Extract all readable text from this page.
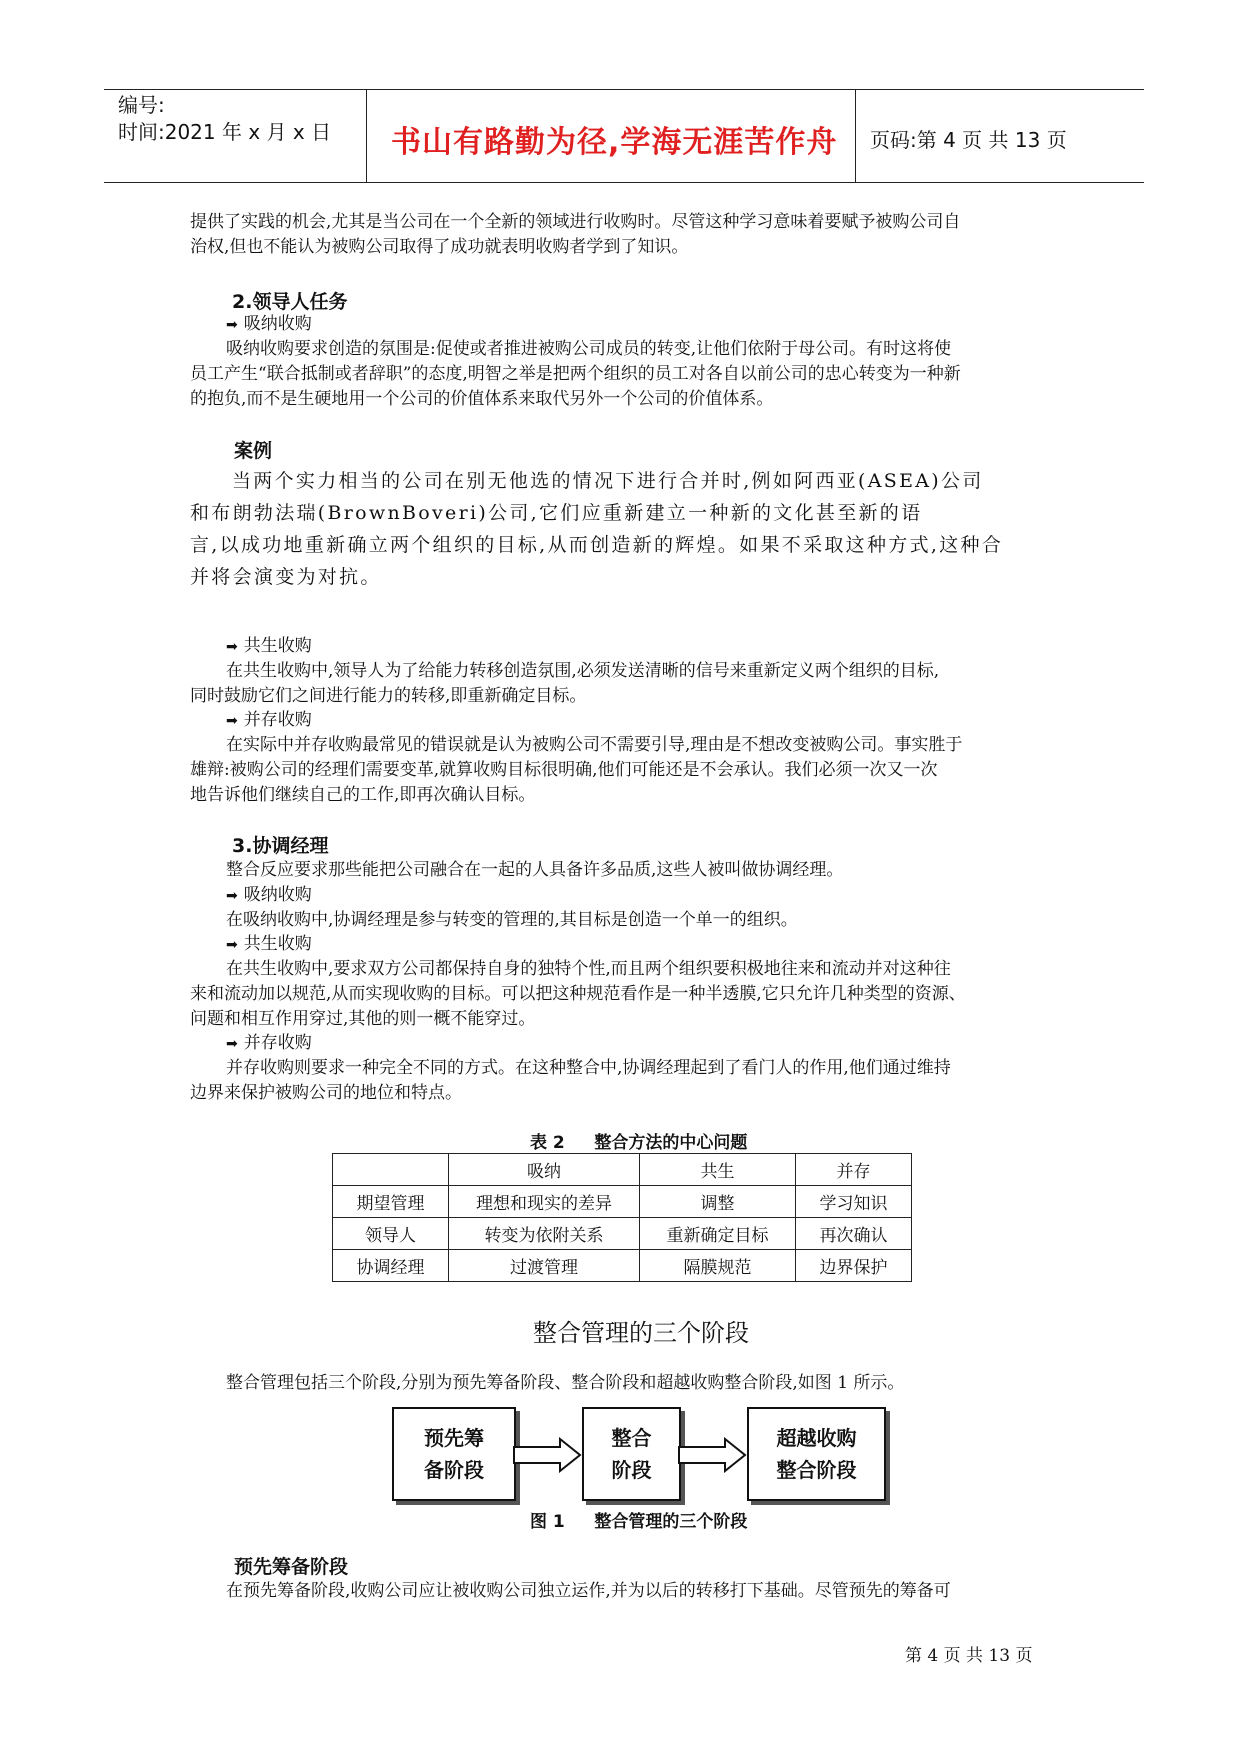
编号:
时间:2021 年 x 月 x 日 书山有路勤为径,学海无涯苦作舟 页码:第 4 页 共 13 页
提供了实践的机会,尤其是当公司在一个全新的领域进行收购时。尽管这种学习意味着要赋予被购公司自
治权,但也不能认为被购公司取得了成功就表明收购者学到了知识。
2.领导人任务
➡ 吸纳收购
吸纳收购要求创造的氛围是:促使或者推进被购公司成员的转变,让他们依附于母公司。有时这将使
员工产生“联合抵制或者辞职”的态度,明智之举是把两个组织的员工对各自以前公司的忠心转变为一种新
的抱负,而不是生硬地用一个公司的价值体系来取代另外一个公司的价值体系。
案例
当两个实力相当的公司在别无他选的情况下进行合并时,例如阿西亚(ASEA)公司
和布朗勃法瑞(BrownBoveri)公司,它们应重新建立一种新的文化甚至新的语
言,以成功地重新确立两个组织的目标,从而创造新的辉煌。如果不采取这种方式,这种合
并将会演变为对抗。
➡ 共生收购
在共生收购中,领导人为了给能力转移创造氛围,必须发送清晰的信号来重新定义两个组织的目标,
同时鼓励它们之间进行能力的转移,即重新确定目标。
➡ 并存收购
在实际中并存收购最常见的错误就是认为被购公司不需要引导,理由是不想改变被购公司。事实胜于
雄辩:被购公司的经理们需要变革,就算收购目标很明确,他们可能还是不会承认。我们必须一次又一次
地告诉他们继续自己的工作,即再次确认目标。
3.协调经理
整合反应要求那些能把公司融合在一起的人具备许多品质,这些人被叫做协调经理。
➡ 吸纳收购
在吸纳收购中,协调经理是参与转变的管理的,其目标是创造一个单一的组织。
➡ 共生收购
在共生收购中,要求双方公司都保持自身的独特个性,而且两个组织要积极地往来和流动并对这种往
来和流动加以规范,从而实现收购的目标。可以把这种规范看作是一种半透膜,它只允许几种类型的资源、
问题和相互作用穿过,其他的则一概不能穿过。
➡ 并存收购
并存收购则要求一种完全不同的方式。在这种整合中,协调经理起到了看门人的作用,他们通过维持
边界来保护被购公司的地位和特点。
表 2     整合方法的中心问题
	吸纳	共生	并存
期望管理	理想和现实的差异	调整	学习知识
领导人	转变为依附关系	重新确定目标	再次确认
协调经理	过渡管理	隔膜规范	边界保护
整合管理的三个阶段
整合管理包括三个阶段,分别为预先筹备阶段、整合阶段和超越收购整合阶段,如图 1 所示。
预先筹
备阶段
整合
阶段
超越收购
整合阶段
图 1     整合管理的三个阶段
预先筹备阶段
在预先筹备阶段,收购公司应让被收购公司独立运作,并为以后的转移打下基础。尽管预先的筹备可
第 4 页 共 13 页
